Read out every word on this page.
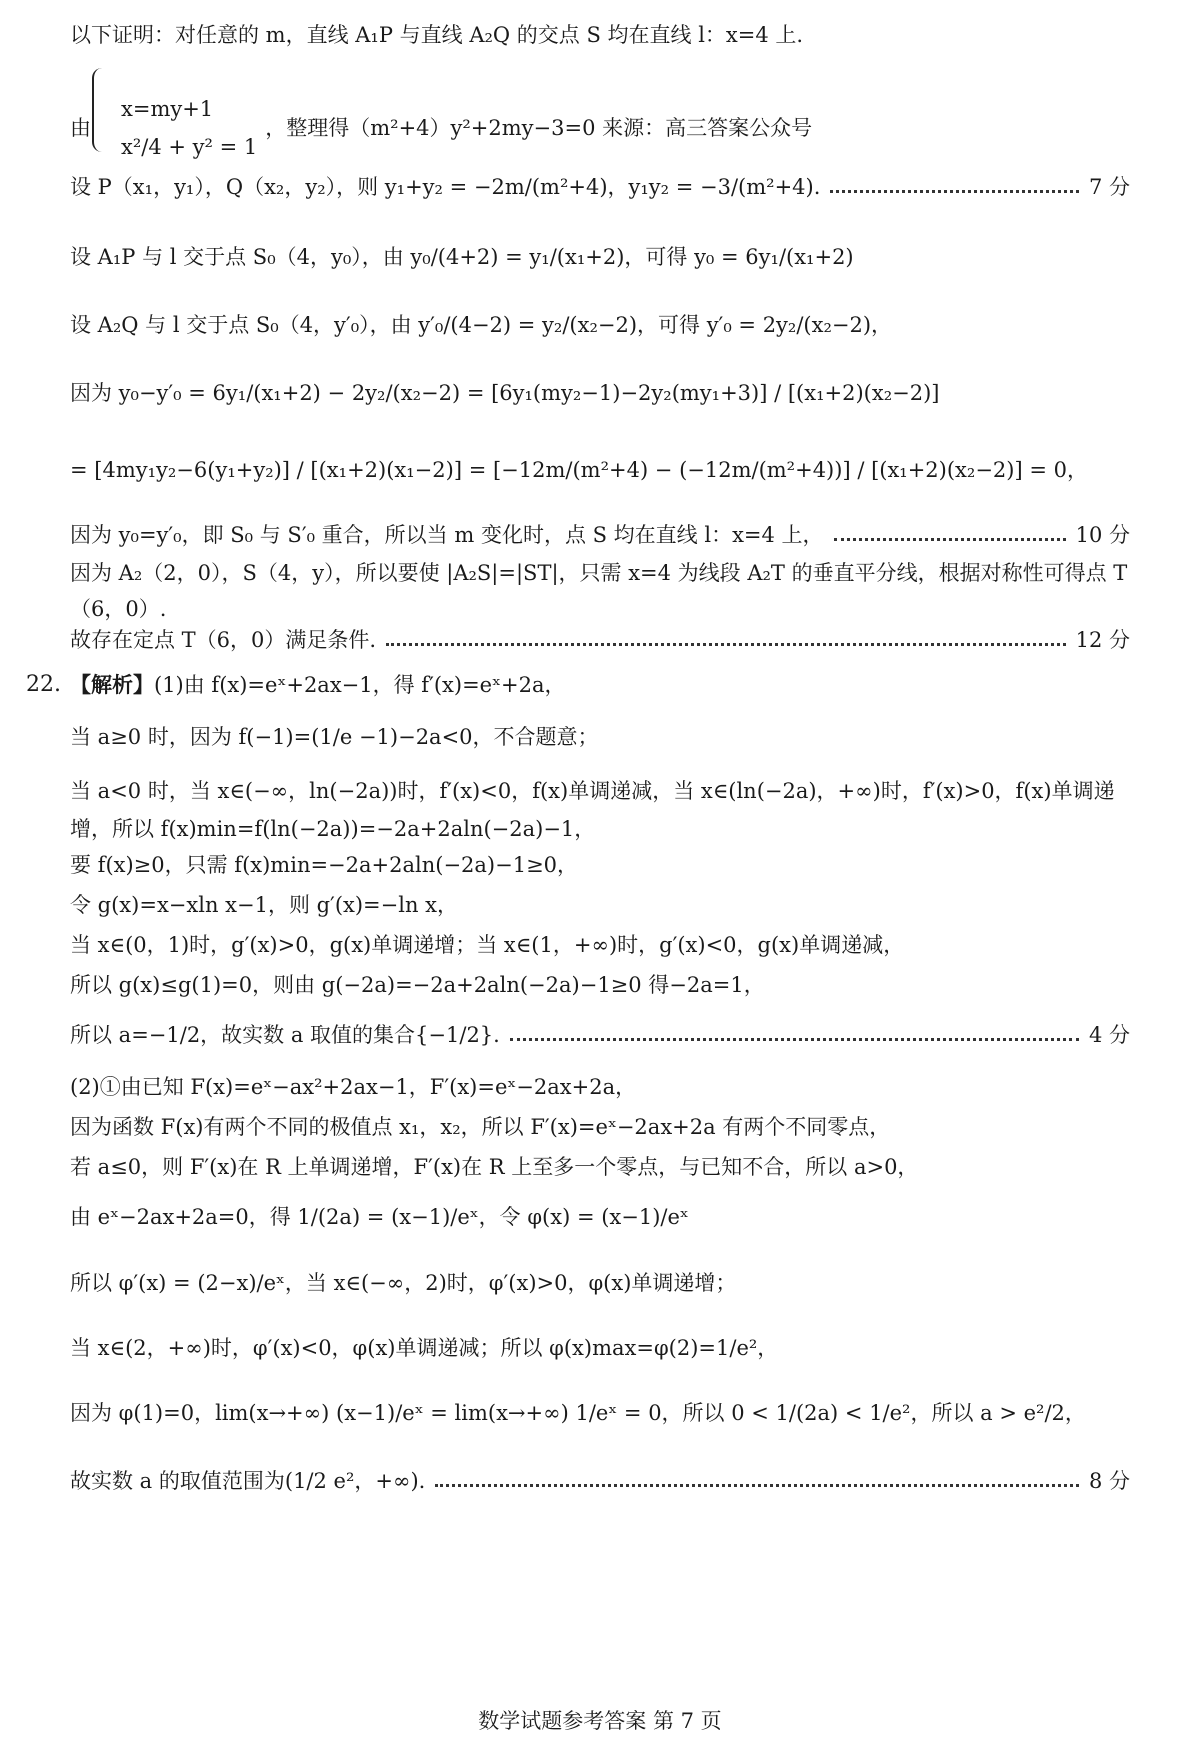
以下证明：对任意的 m，直线 A₁P 与直线 A₂Q 的交点 S 均在直线 l：x=4 上.
由
x=my+1
x²/4 + y² = 1
，整理得（m²+4）y²+2my−3=0 来源：高三答案公众号
设 P（x₁，y₁），Q（x₂，y₂），则 y₁+y₂ = −2m/(m²+4)，y₁y₂ = −3/(m²+4).	7 分
设 A₁P 与 l 交于点 S₀（4，y₀），由 y₀/(4+2) = y₁/(x₁+2)，可得 y₀ = 6y₁/(x₁+2)
设 A₂Q 与 l 交于点 S₀（4，y′₀），由 y′₀/(4−2) = y₂/(x₂−2)，可得 y′₀ = 2y₂/(x₂−2)，
因为 y₀−y′₀ = 6y₁/(x₁+2) − 2y₂/(x₂−2) = [6y₁(my₂−1)−2y₂(my₁+3)] / [(x₁+2)(x₂−2)]
= [4my₁y₂−6(y₁+y₂)] / [(x₁+2)(x₁−2)] = [−12m/(m²+4) − (−12m/(m²+4))] / [(x₁+2)(x₂−2)] = 0，
因为 y₀=y′₀，即 S₀ 与 S′₀ 重合，所以当 m 变化时，点 S 均在直线 l：x=4 上，	10 分
因为 A₂（2，0），S（4，y），所以要使 |A₂S|=|ST|，只需 x=4 为线段 A₂T 的垂直平分线，根据对称性可得点 T（6，0）.
故存在定点 T（6，0）满足条件.	12 分
22. 【解析】 (1)由 f(x)=eˣ+2ax−1，得 f′(x)=eˣ+2a，
当 a≥0 时，因为 f(−1)=(1/e −1)−2a<0，不合题意；
当 a<0 时，当 x∈(−∞，ln(−2a))时，f′(x)<0，f(x)单调递减，当 x∈(ln(−2a)，+∞)时，f′(x)>0，f(x)单调递增，所以 f(x)min=f(ln(−2a))=−2a+2aln(−2a)−1，
要 f(x)≥0，只需 f(x)min=−2a+2aln(−2a)−1≥0，
令 g(x)=x−xln x−1，则 g′(x)=−ln x，
当 x∈(0，1)时，g′(x)>0，g(x)单调递增；当 x∈(1，+∞)时，g′(x)<0，g(x)单调递减，
所以 g(x)≤g(1)=0，则由 g(−2a)=−2a+2aln(−2a)−1≥0 得−2a=1，
所以 a=−1/2，故实数 a 取值的集合{−1/2}.	4 分
(2)①由已知 F(x)=eˣ−ax²+2ax−1，F′(x)=eˣ−2ax+2a，
因为函数 F(x)有两个不同的极值点 x₁，x₂，所以 F′(x)=eˣ−2ax+2a 有两个不同零点，
若 a≤0，则 F′(x)在 R 上单调递增，F′(x)在 R 上至多一个零点，与已知不合，所以 a>0，
由 eˣ−2ax+2a=0，得 1/(2a) = (x−1)/eˣ，令 φ(x) = (x−1)/eˣ
所以 φ′(x) = (2−x)/eˣ，当 x∈(−∞，2)时，φ′(x)>0，φ(x)单调递增；
当 x∈(2，+∞)时，φ′(x)<0，φ(x)单调递减；所以 φ(x)max=φ(2)=1/e²，
因为 φ(1)=0，lim(x→+∞) (x−1)/eˣ = lim(x→+∞) 1/eˣ = 0，所以 0 < 1/(2a) < 1/e²，所以 a > e²/2，
故实数 a 的取值范围为(1/2 e²，+∞).	8 分
数学试题参考答案 第 7 页
